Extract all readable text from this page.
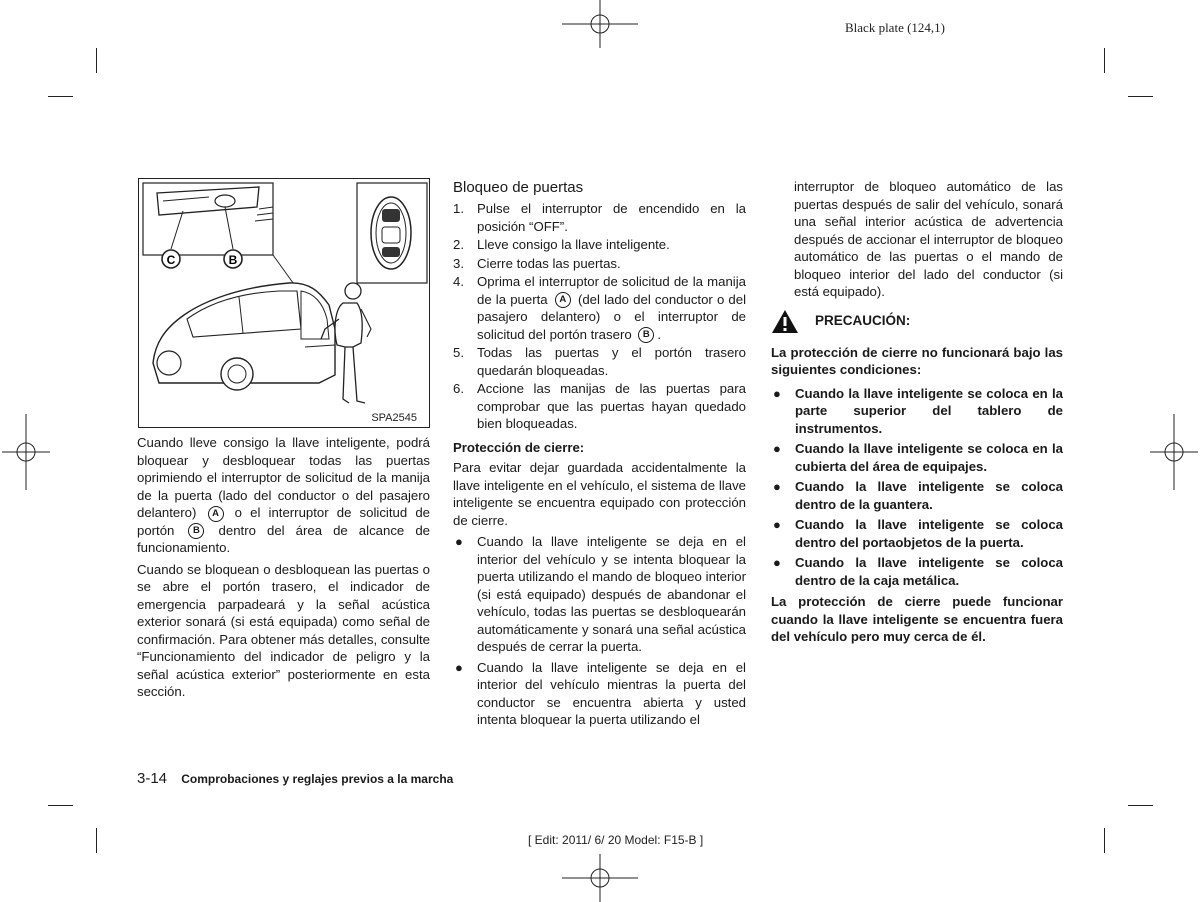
Black plate (124,1)
C	B
SPA2545

Cuando lleve consigo la llave inteligente, podrá bloquear y desbloquear todas las puertas oprimiendo el interruptor de solicitud de la manija de la puerta (lado del conductor o del pasajero delantero) A o el interruptor de solicitud de portón B dentro del área de alcance de funcionamiento.

Cuando se bloquean o desbloquean las puertas o se abre el portón trasero, el indicador de emergencia parpadeará y la señal acústica exterior sonará (si está equipada) como señal de confirmación. Para obtener más detalles, consulte “Funcionamiento del indicador de peligro y la señal acústica exterior” posteriormente en esta sección.

Bloqueo de puertas
1. Pulse el interruptor de encendido en la posición “OFF”.
2. Lleve consigo la llave inteligente.
3. Cierre todas las puertas.
4. Oprima el interruptor de solicitud de la manija de la puerta A (del lado del conductor o del pasajero delantero) o el interruptor de solicitud del portón trasero B .
5. Todas las puertas y el portón trasero quedarán bloqueadas.
6. Accione las manijas de las puertas para comprobar que las puertas hayan quedado bien bloqueadas.
Protección de cierre:

Para evitar dejar guardada accidentalmente la llave inteligente en el vehículo, el sistema de llave inteligente se encuentra equipado con protección de cierre.

● Cuando la llave inteligente se deja en el interior del vehículo y se intenta bloquear la puerta utilizando el mando de bloqueo interior (si está equipado) después de abandonar el vehículo, todas las puertas se desbloquearán automáticamente y sonará una señal acústica después de cerrar la puerta.
● Cuando la llave inteligente se deja en el interior del vehículo mientras la puerta del conductor se encuentra abierta y usted intenta bloquear la puerta utilizando el

interruptor de bloqueo automático de las puertas después de salir del vehículo, sonará una señal interior acústica de advertencia después de accionar el interruptor de bloqueo automático de las puertas o el mando de bloqueo interior del lado del conductor (si está equipado).

PRECAUCIÓN:

La protección de cierre no funcionará bajo las siguientes condiciones:

● Cuando la llave inteligente se coloca en la parte superior del tablero de instrumentos.
● Cuando la llave inteligente se coloca en la cubierta del área de equipajes.
● Cuando la llave inteligente se coloca dentro de la guantera.
● Cuando la llave inteligente se coloca dentro del portaobjetos de la puerta.
● Cuando la llave inteligente se coloca dentro de la caja metálica.

La protección de cierre puede funcionar cuando la llave inteligente se encuentra fuera del vehículo pero muy cerca de él.

3-14 Comprobaciones y reglajes previos a la marcha
[ Edit: 2011/ 6/ 20 Model: F15-B ]
